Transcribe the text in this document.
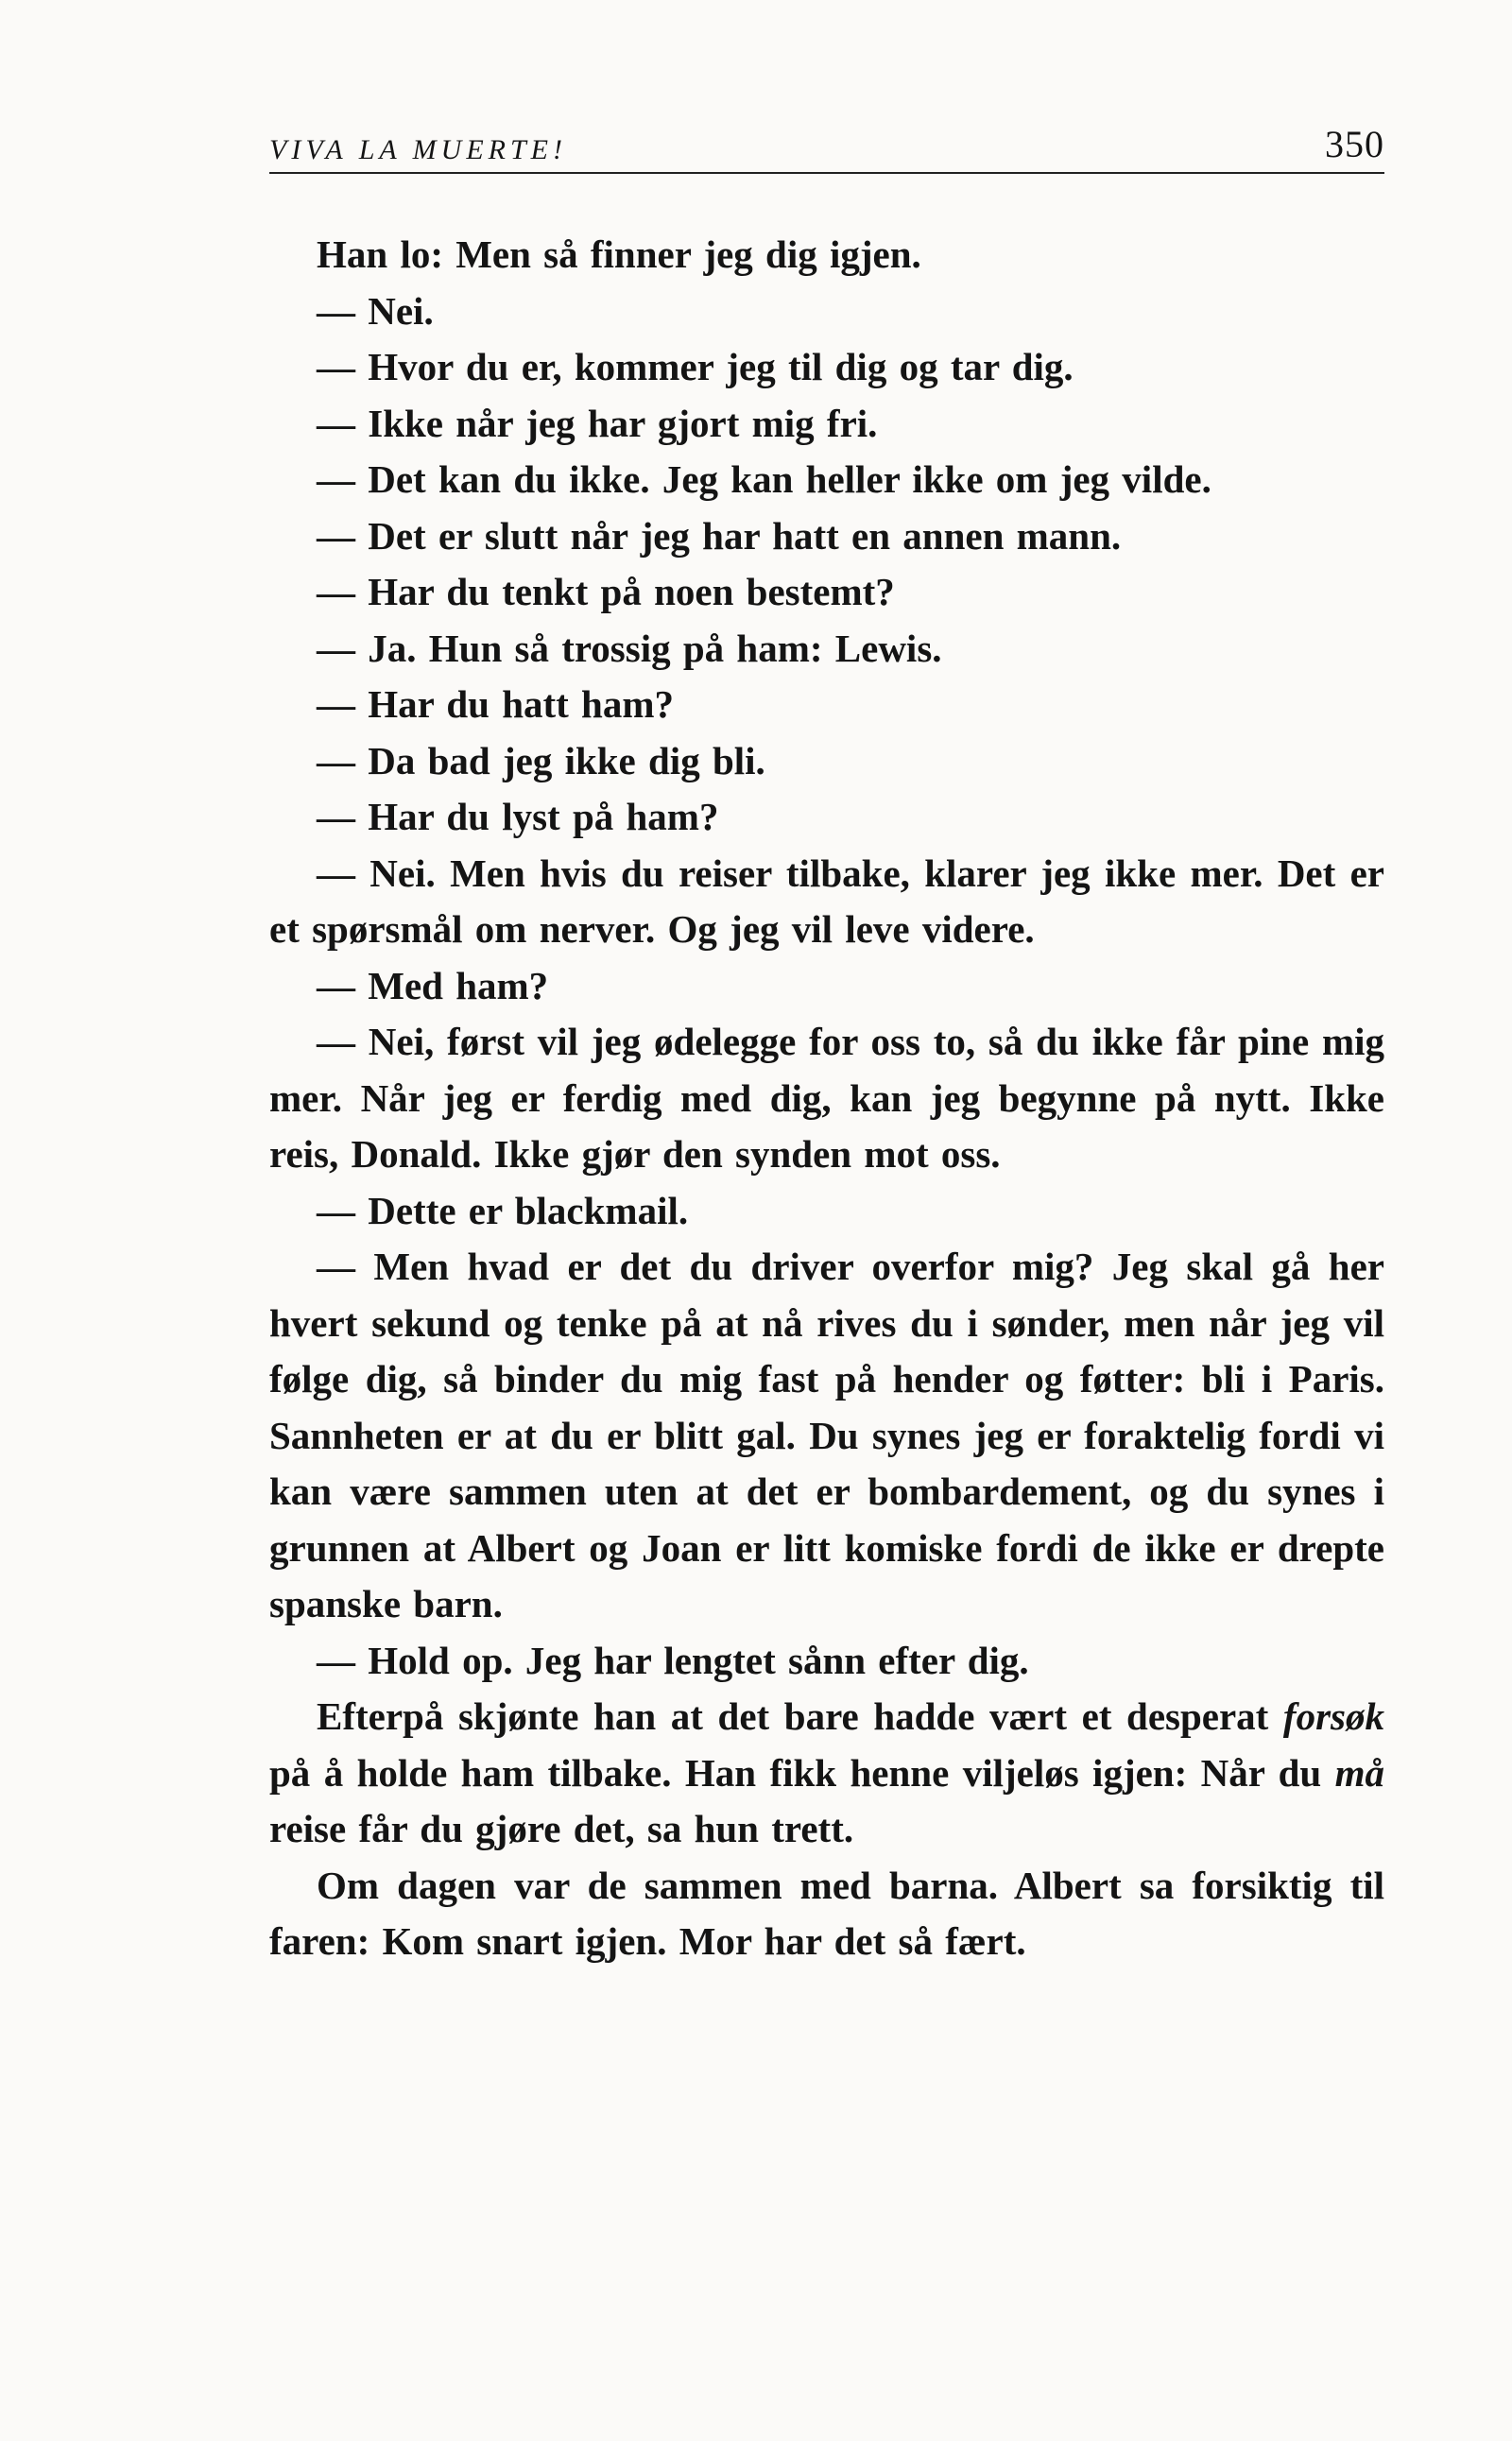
VIVA LA MUERTE!	350

Han lo: Men så finner jeg dig igjen.

— Nei.

— Hvor du er, kommer jeg til dig og tar dig.

— Ikke når jeg har gjort mig fri.

— Det kan du ikke. Jeg kan heller ikke om jeg vilde.

— Det er slutt når jeg har hatt en annen mann.

— Har du tenkt på noen bestemt?

— Ja. Hun så trossig på ham: Lewis.

— Har du hatt ham?

— Da bad jeg ikke dig bli.

— Har du lyst på ham?

— Nei. Men hvis du reiser tilbake, klarer jeg ikke mer. Det er et spørsmål om nerver. Og jeg vil leve videre.

— Med ham?

— Nei, først vil jeg ødelegge for oss to, så du ikke får pine mig mer. Når jeg er ferdig med dig, kan jeg begynne på nytt. Ikke reis, Donald. Ikke gjør den synden mot oss.

— Dette er blackmail.

— Men hvad er det du driver overfor mig? Jeg skal gå her hvert sekund og tenke på at nå rives du i sønder, men når jeg vil følge dig, så binder du mig fast på hender og føtter: bli i Paris. Sannheten er at du er blitt gal. Du synes jeg er foraktelig fordi vi kan være sammen uten at det er bombardement, og du synes i grunnen at Albert og Joan er litt komiske fordi de ikke er drepte spanske barn.

— Hold op. Jeg har lengtet sånn efter dig.

Efterpå skjønte han at det bare hadde vært et desperat forsøk på å holde ham tilbake. Han fikk henne viljeløs igjen: Når du må reise får du gjøre det, sa hun trett.

Om dagen var de sammen med barna. Albert sa forsiktig til faren: Kom snart igjen. Mor har det så fært.
